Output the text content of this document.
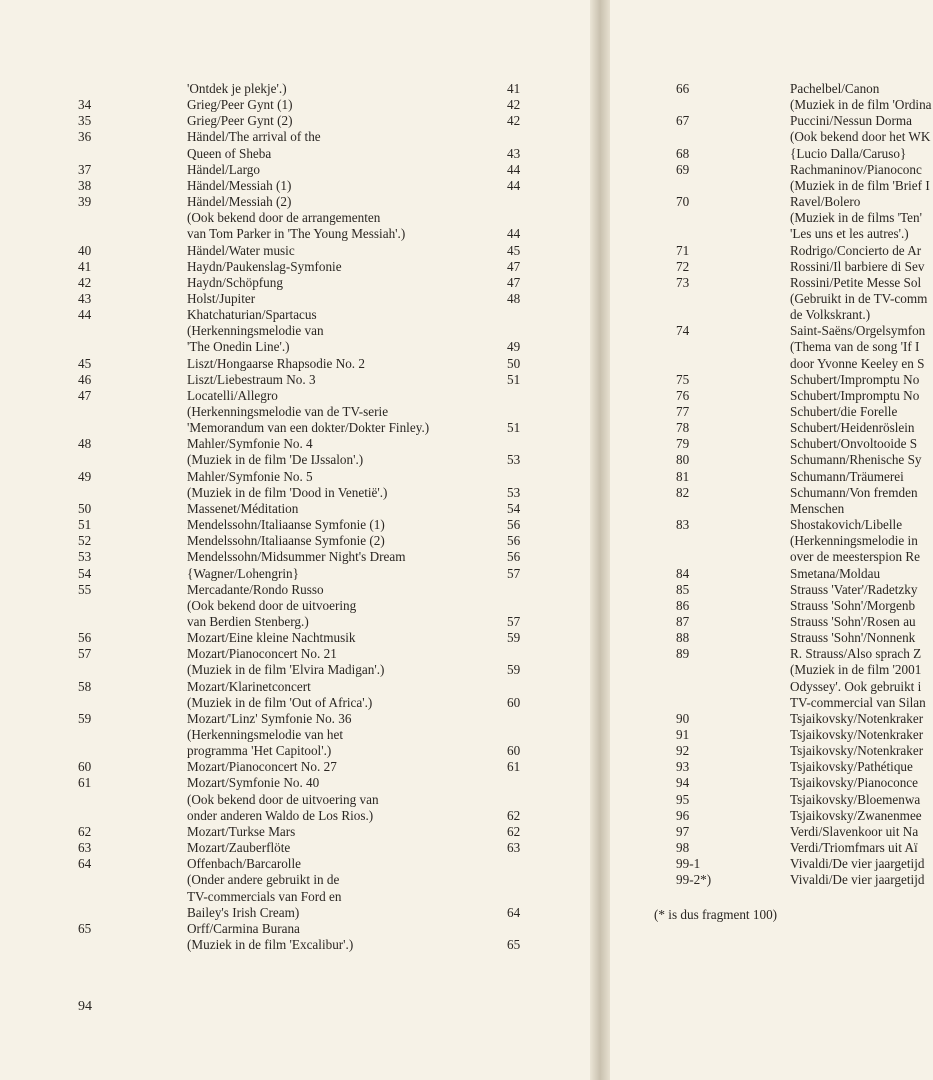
'Ontdek je plekje'.)	41
34	Grieg/Peer Gynt (1)	42
35	Grieg/Peer Gynt (2)	42
36	Händel/The arrival of the
Queen of Sheba	43
37	Händel/Largo	44
38	Händel/Messiah (1)	44
39	Händel/Messiah (2)
(Ook bekend door de arrangementen
van Tom Parker in 'The Young Messiah'.)	44
40	Händel/Water music	45
41	Haydn/Paukenslag-Symfonie	47
42	Haydn/Schöpfung	47
43	Holst/Jupiter	48
44	Khatchaturian/Spartacus
(Herkenningsmelodie van
'The Onedin Line'.)	49
45	Liszt/Hongaarse Rhapsodie No. 2	50
46	Liszt/Liebestraum No. 3	51
47	Locatelli/Allegro
(Herkenningsmelodie van de TV-serie
'Memorandum van een dokter/Dokter Finley.)	51
48	Mahler/Symfonie No. 4
(Muziek in de film 'De IJssalon'.)	53
49	Mahler/Symfonie No. 5
(Muziek in de film 'Dood in Venetië'.)	53
50	Massenet/Méditation	54
51	Mendelssohn/Italiaanse Symfonie (1)	56
52	Mendelssohn/Italiaanse Symfonie (2)	56
53	Mendelssohn/Midsummer Night's Dream	56
54	{Wagner/Lohengrin}	57
55	Mercadante/Rondo Russo
(Ook bekend door de uitvoering
van Berdien Stenberg.)	57
56	Mozart/Eine kleine Nachtmusik	59
57	Mozart/Pianoconcert No. 21
(Muziek in de film 'Elvira Madigan'.)	59
58	Mozart/Klarinetconcert
(Muziek in de film 'Out of Africa'.)	60
59	Mozart/'Linz' Symfonie No. 36
(Herkenningsmelodie van het
programma 'Het Capitool'.)	60
60	Mozart/Pianoconcert No. 27	61
61	Mozart/Symfonie No. 40
(Ook bekend door de uitvoering van
onder anderen Waldo de Los Rios.)	62
62	Mozart/Turkse Mars	62
63	Mozart/Zauberflöte	63
64	Offenbach/Barcarolle
(Onder andere gebruikt in de
TV-commercials van Ford en
Bailey's Irish Cream)	64
65	Orff/Carmina Burana
(Muziek in de film 'Excalibur'.)	65
94
(* is dus fragment 100)
66	Pachelbel/Canon
(Muziek in de film 'Ordina
67	Puccini/Nessun Dorma
(Ook bekend door het WK
68	{Lucio Dalla/Caruso}
69	Rachmaninov/Pianoconc
(Muziek in de film 'Brief I
70	Ravel/Bolero
(Muziek in de films 'Ten'
'Les uns et les autres'.)
71	Rodrigo/Concierto de Ar
72	Rossini/Il barbiere di Sev
73	Rossini/Petite Messe Sol
(Gebruikt in de TV-comm
de Volkskrant.)
74	Saint-Saëns/Orgelsymfon
(Thema van de song 'If I
door Yvonne Keeley en S
75	Schubert/Impromptu No
76	Schubert/Impromptu No
77	Schubert/die Forelle
78	Schubert/Heidenröslein
79	Schubert/Onvoltooide S
80	Schumann/Rhenische Sy
81	Schumann/Träumerei
82	Schumann/Von fremden
Menschen
83	Shostakovich/Libelle
(Herkenningsmelodie in
over de meesterspion Re
84	Smetana/Moldau
85	Strauss 'Vater'/Radetzky
86	Strauss 'Sohn'/Morgenb
87	Strauss 'Sohn'/Rosen au
88	Strauss 'Sohn'/Nonnenk
89	R. Strauss/Also sprach Z
(Muziek in de film '2001
Odyssey'. Ook gebruikt i
TV-commercial van Silan
90	Tsjaikovsky/Notenkraker
91	Tsjaikovsky/Notenkraker
92	Tsjaikovsky/Notenkraker
93	Tsjaikovsky/Pathétique
94	Tsjaikovsky/Pianoconce
95	Tsjaikovsky/Bloemenwa
96	Tsjaikovsky/Zwanenmee
97	Verdi/Slavenkoor uit Na
98	Verdi/Triomfmars uit Aï
99-1	Vivaldi/De vier jaargetijd
99-2*)	Vivaldi/De vier jaargetijd
